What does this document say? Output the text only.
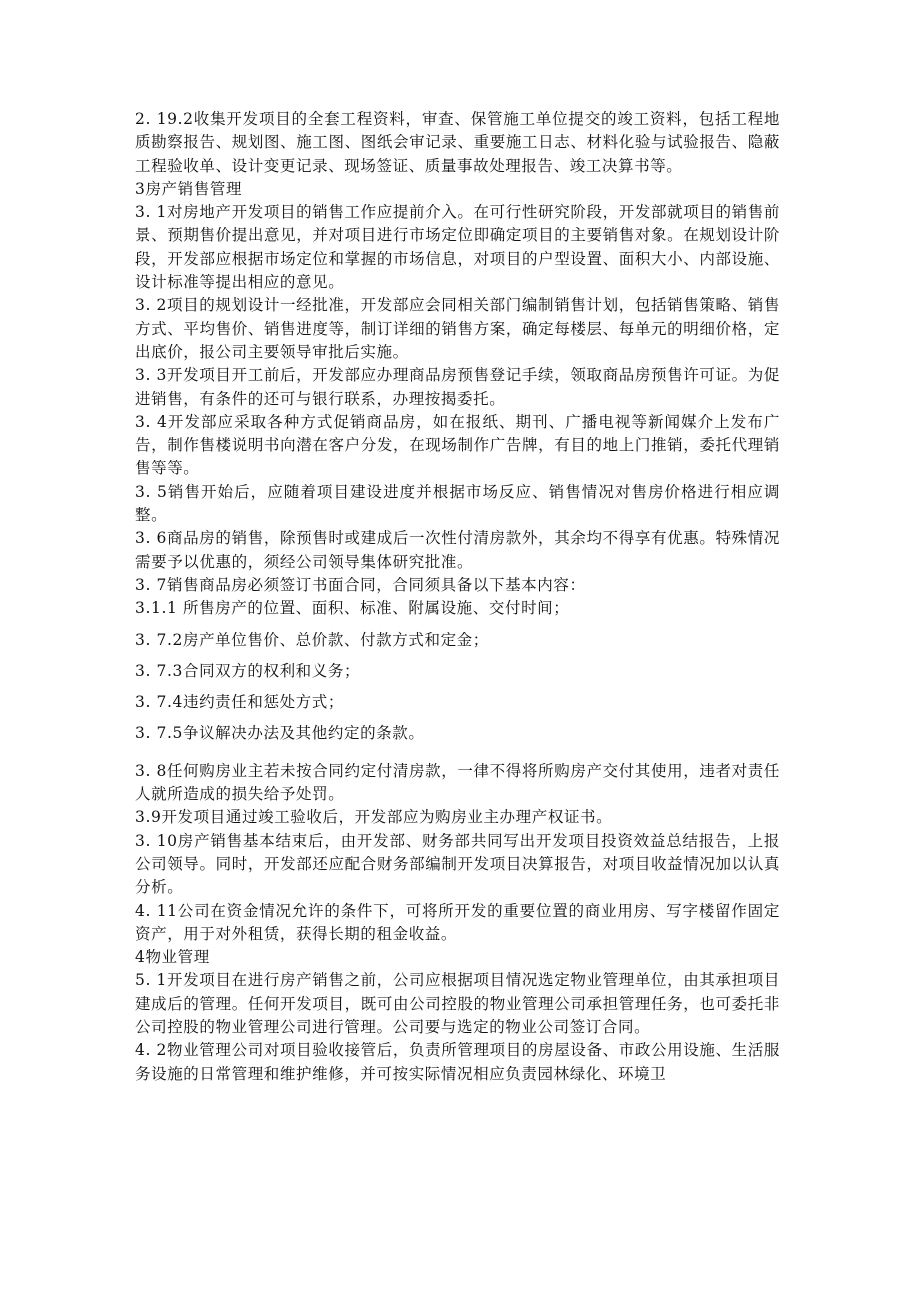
2. 19.2收集开发项目的全套工程资料，审查、保管施工单位提交的竣工资料，包括工程地质勘察报告、规划图、施工图、图纸会审记录、重要施工日志、材料化验与试验报告、隐蔽工程验收单、设计变更记录、现场签证、质量事故处理报告、竣工决算书等。

3房产销售管理

3. 1对房地产开发项目的销售工作应提前介入。在可行性研究阶段，开发部就项目的销售前景、预期售价提出意见，并对项目进行市场定位即确定项目的主要销售对象。在规划设计阶段，开发部应根据市场定位和掌握的市场信息，对项目的户型设置、面积大小、内部设施、设计标准等提出相应的意见。

3. 2项目的规划设计一经批准，开发部应会同相关部门编制销售计划，包括销售策略、销售方式、平均售价、销售进度等，制订详细的销售方案，确定每楼层、每单元的明细价格，定出底价，报公司主要领导审批后实施。

3. 3开发项目开工前后，开发部应办理商品房预售登记手续，领取商品房预售许可证。为促进销售，有条件的还可与银行联系，办理按揭委托。

3. 4开发部应采取各种方式促销商品房，如在报纸、期刊、广播电视等新闻媒介上发布广告，制作售楼说明书向潜在客户分发，在现场制作广告牌，有目的地上门推销，委托代理销售等等。

3. 5销售开始后，应随着项目建设进度并根据市场反应、销售情况对售房价格进行相应调整。

3. 6商品房的销售，除预售时或建成后一次性付清房款外，其余均不得享有优惠。特殊情况需要予以优惠的，须经公司领导集体研究批准。

3. 7销售商品房必须签订书面合同，合同须具备以下基本内容：

3.1.1 所售房产的位置、面积、标准、附属设施、交付时间；

3. 7.2房产单位售价、总价款、付款方式和定金；

3. 7.3合同双方的权利和义务；

3. 7.4违约责任和惩处方式；

3. 7.5争议解决办法及其他约定的条款。

3. 8任何购房业主若未按合同约定付清房款，一律不得将所购房产交付其使用，违者对责任人就所造成的损失给予处罚。

3.9开发项目通过竣工验收后，开发部应为购房业主办理产权证书。

3. 10房产销售基本结束后，由开发部、财务部共同写出开发项目投资效益总结报告，上报公司领导。同时，开发部还应配合财务部编制开发项目决算报告，对项目收益情况加以认真分析。

4. 11公司在资金情况允许的条件下，可将所开发的重要位置的商业用房、写字楼留作固定资产，用于对外租赁，获得长期的租金收益。

4物业管理

5. 1开发项目在进行房产销售之前，公司应根据项目情况选定物业管理单位，由其承担项目建成后的管理。任何开发项目，既可由公司控股的物业管理公司承担管理任务，也可委托非公司控股的物业管理公司进行管理。公司要与选定的物业公司签订合同。

4. 2物业管理公司对项目验收接管后，负责所管理项目的房屋设备、市政公用设施、生活服务设施的日常管理和维护维修，并可按实际情况相应负责园林绿化、环境卫
